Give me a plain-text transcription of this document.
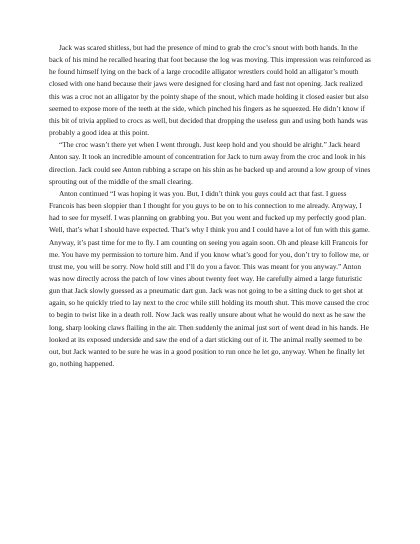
Jack was scared shitless, but had the presence of mind to grab the croc’s snout with both hands. In the back of his mind he recalled hearing that foot because the log was moving. This impression was reinforced as he found himself lying on the back of a large crocodile alligator wrestlers could hold an alligator’s mouth closed with one hand because their jaws were designed for closing hard and fast not opening. Jack realized this was a croc not an alligator by the pointy shape of the snout, which made holding it closed easier but also seemed to expose more of the teeth at the side, which pinched his fingers as he squeezed. He didn’t know if this bit of trivia applied to crocs as well, but decided that dropping the useless gun and using both hands was probably a good idea at this point.

“The croc wasn’t there yet when I went through. Just keep hold and you should be alright.” Jack heard Anton say. It took an incredible amount of concentration for Jack to turn away from the croc and look in his direction. Jack could see Anton rubbing a scrape on his shin as he backed up and around a low group of vines sprouting out of the middle of the small clearing.

Anton continued “I was hoping it was you. But, I didn’t think you guys could act that fast. I guess Francois has been sloppier than I thought for you guys to be on to his connection to me already. Anyway, I had to see for myself. I was planning on grabbing you. But you went and fucked up my perfectly good plan. Well, that’s what I should have expected. That’s why I think you and I could have a lot of fun with this game. Anyway, it’s past time for me to fly. I am counting on seeing you again soon. Oh and please kill Francois for me. You have my permission to torture him. And if you know what’s good for you, don’t try to follow me, or trust me, you will be sorry. Now hold still and I’ll do you a favor. This was meant for you anyway.” Anton was now directly across the patch of low vines about twenty feet way. He carefully aimed a large futuristic gun that Jack slowly guessed as a pneumatic dart gun. Jack was not going to be a sitting duck to get shot at again, so he quickly tried to lay next to the croc while still holding its mouth shut. This move caused the croc to begin to twist like in a death roll. Now Jack was really unsure about what he would do next as he saw the long, sharp looking claws flailing in the air. Then suddenly the animal just sort of went dead in his hands. He looked at its exposed underside and saw the end of a dart sticking out of it. The animal really seemed to be out, but Jack wanted to be sure he was in a good position to run once he let go, anyway. When he finally let go, nothing happened.
